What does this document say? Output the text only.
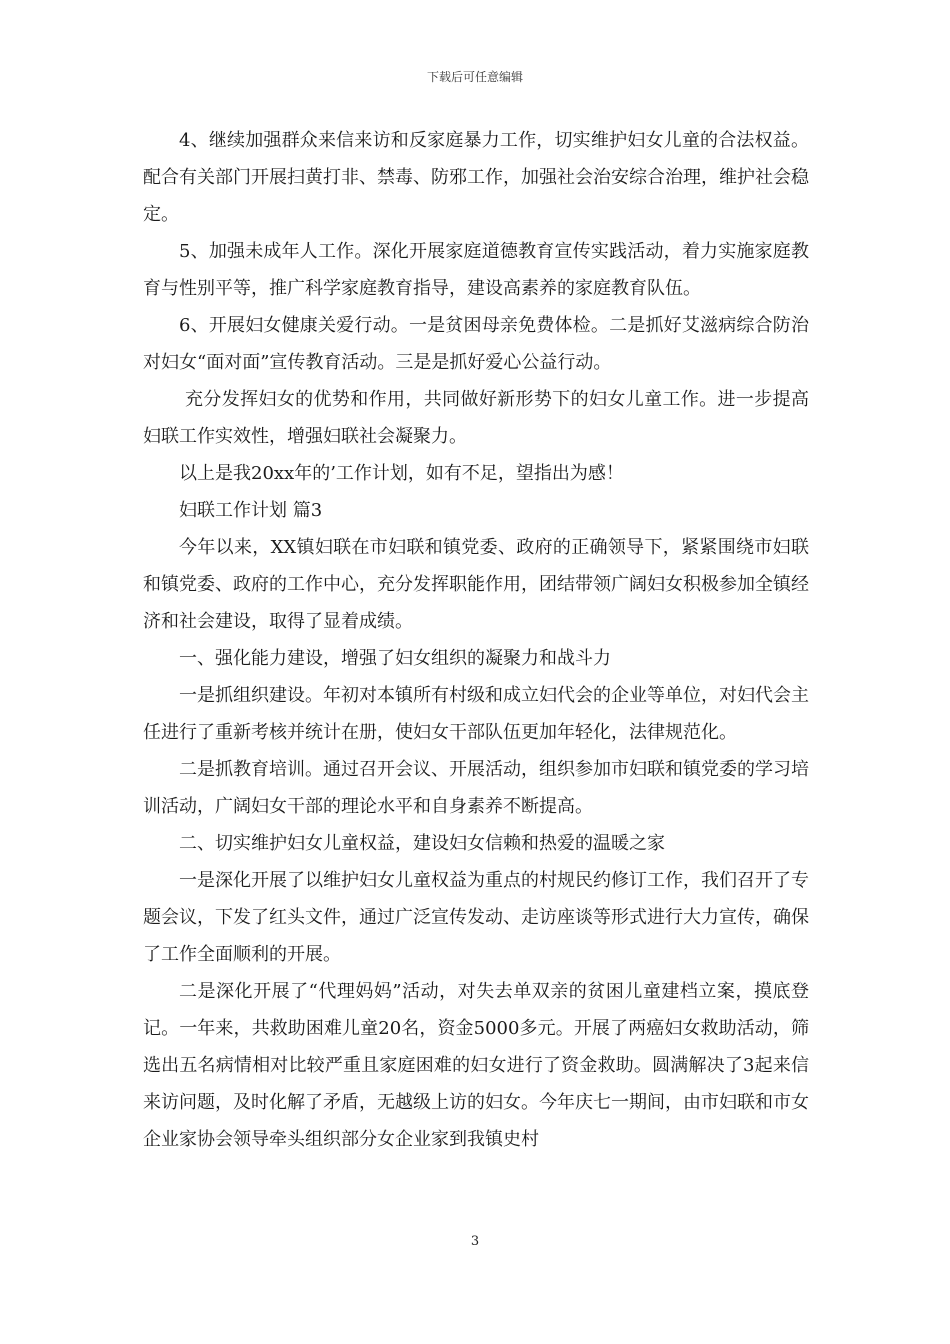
下载后可任意编辑

4、继续加强群众来信来访和反家庭暴力工作，切实维护妇女儿童的合法权益。配合有关部门开展扫黄打非、禁毒、防邪工作，加强社会治安综合治理，维护社会稳定。

5、加强未成年人工作。深化开展家庭道德教育宣传实践活动，着力实施家庭教育与性别平等，推广科学家庭教育指导，建设高素养的家庭教育队伍。

6、开展妇女健康关爱行动。一是贫困母亲免费体检。二是抓好艾滋病综合防治对妇女“面对面”宣传教育活动。三是是抓好爱心公益行动。

充分发挥妇女的优势和作用，共同做好新形势下的妇女儿童工作。进一步提高妇联工作实效性，增强妇联社会凝聚力。

以上是我20xx年的’工作计划，如有不足，望指出为感！

妇联工作计划 篇3

今年以来，XX镇妇联在市妇联和镇党委、政府的正确领导下，紧紧围绕市妇联和镇党委、政府的工作中心，充分发挥职能作用，团结带领广阔妇女积极参加全镇经济和社会建设，取得了显着成绩。

一、强化能力建设，增强了妇女组织的凝聚力和战斗力

一是抓组织建设。年初对本镇所有村级和成立妇代会的企业等单位，对妇代会主任进行了重新考核并统计在册，使妇女干部队伍更加年轻化，法律规范化。

二是抓教育培训。通过召开会议、开展活动，组织参加市妇联和镇党委的学习培训活动，广阔妇女干部的理论水平和自身素养不断提高。

二、切实维护妇女儿童权益，建设妇女信赖和热爱的温暖之家

一是深化开展了以维护妇女儿童权益为重点的村规民约修订工作，我们召开了专题会议，下发了红头文件，通过广泛宣传发动、走访座谈等形式进行大力宣传，确保了工作全面顺利的开展。

二是深化开展了“代理妈妈”活动，对失去单双亲的贫困儿童建档立案，摸底登记。一年来，共救助困难儿童20名，资金5000多元。开展了两癌妇女救助活动，筛选出五名病情相对比较严重且家庭困难的妇女进行了资金救助。圆满解决了3起来信来访问题，及时化解了矛盾，无越级上访的妇女。今年庆七一期间，由市妇联和市女企业家协会领导牵头组织部分女企业家到我镇史村

3
